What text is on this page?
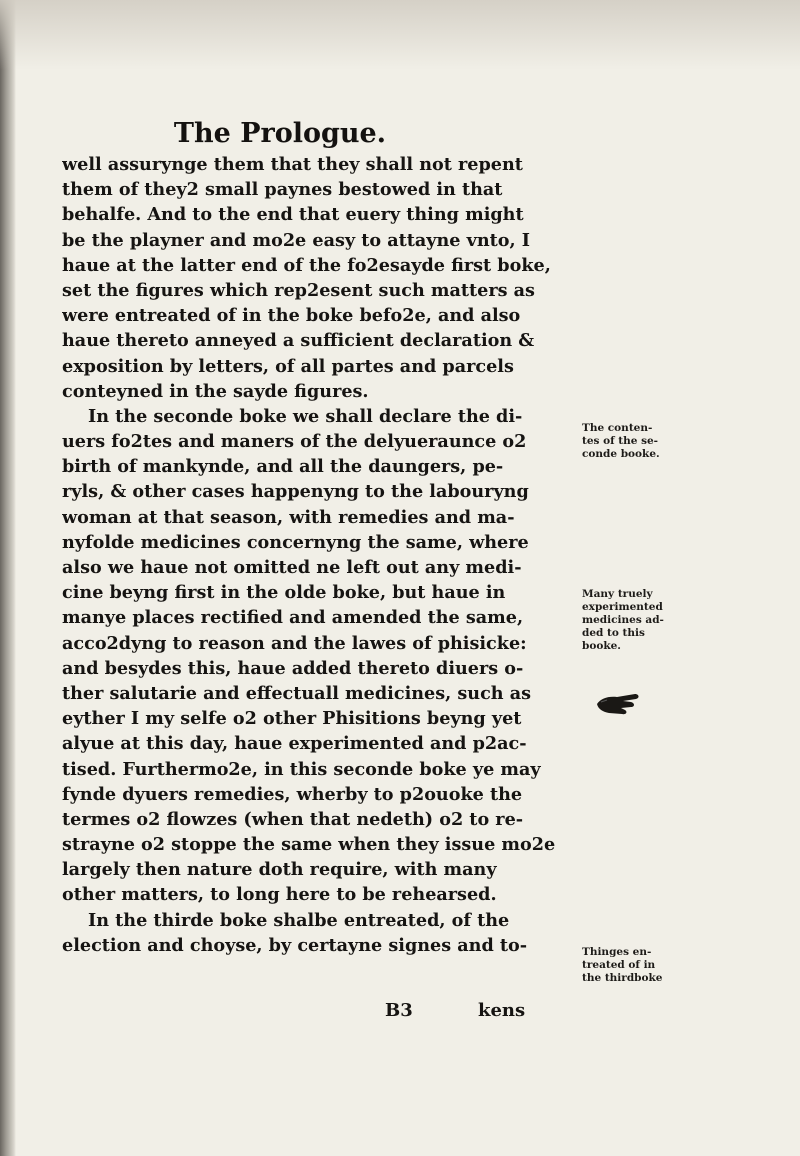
The Prologue.
well assurynge them that they shall not repent
them of they2 small paynes bestowed in that
behalfe. And to the end that euery thing might
be the playner and mo2e easy to attayne vnto, I
haue at the latter end of the fo2esayde first boke,
set the figures which rep2esent such matters as
were entreated of in the boke befo2e, and also
haue thereto anneyed a sufficient declaration &
exposition by letters, of all partes and parcels
conteyned in the sayde figures.
In the seconde boke we shall declare the di-
uers fo2tes and maners of the delyueraunce o2
birth of mankynde, and all the daungers, pe-
ryls, & other cases happenyng to the labouryng
woman at that season, with remedies and ma-
nyfolde medicines concernyng the same, where
also we haue not omitted ne left out any medi-
cine beyng first in the olde boke, but haue in
manye places rectified and amended the same,
acco2dyng to reason and the lawes of phisicke:
and besydes this, haue added thereto diuers o-
ther salutarie and effectuall medicines, such as
eyther I my selfe o2 other Phisitions beyng yet
alyue at this day, haue experimented and p2ac-
tised. Furthermo2e, in this seconde boke ye may
fynde dyuers remedies, wherby to p2ouoke the
termes o2 flowzes (when that nedeth) o2 to re-
strayne o2 stoppe the same when they issue mo2e
largely then nature doth require, with many
other matters, to long here to be rehearsed.
In the thirde boke shalbe entreated, of the
election and choyse, by certayne signes and to-
B3	kens
The conten-
tes of the se-
conde booke.
Many truely
experimented
medicines ad-
ded to this
booke.
Thinges en-
treated of in
the thirdboke
